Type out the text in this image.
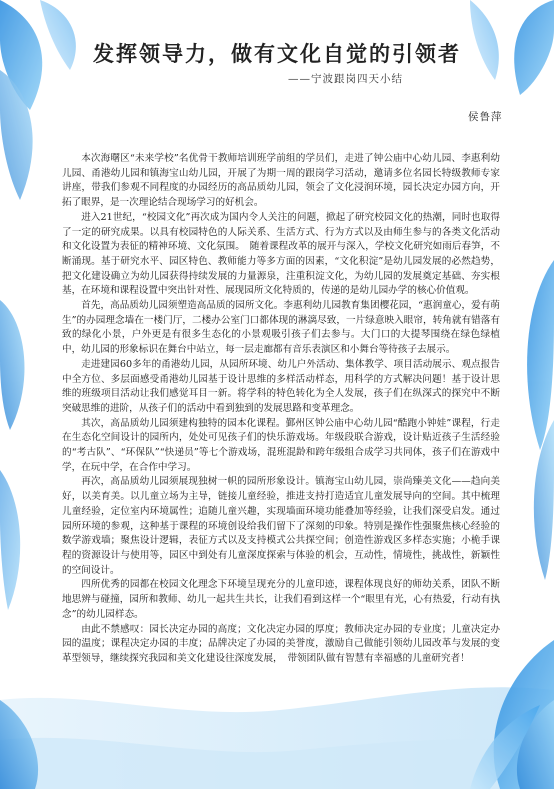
发挥领导力，做有文化自觉的引领者
——宁波跟岗四天小结
侯鲁萍

本次海曙区“未来学校”名优骨干教师培训班学前组的学员们，走进了钟公庙中心幼儿园、李惠利幼儿园、甬港幼儿园和镇海宝山幼儿园，开展了为期一周的跟岗学习活动，邀请多位名园长特级教师专家讲座，带我们参观不同程度的办园经历的高品质幼儿园，领会了文化浸润环境，园长决定办园方向，开拓了眼界，是一次理论结合现场学习的好机会。

进入21世纪，“校园文化”再次成为国内令人关注的问题，掀起了研究校园文化的热潮，同时也取得了一定的研究成果。以具有校园特色的人际关系、生活方式、行为方式以及由师生参与的各类文化活动和文化设置为表征的精神环境、文化氛围。　随着课程改革的展开与深入，学校文化研究如雨后春笋，不断涌现。基于研究水平、园区特色、教师能力等多方面的因素，“文化积淀”是幼儿园发展的必然趋势，把文化建设确立为幼儿园获得持续发展的力量源泉，注重积淀文化，为幼儿园的发展奠定基础、夯实根基，在环境和课程设置中突出针对性、展现园所文化特质的，传递的是幼儿园办学的核心价值观。

首先，高品质幼儿园须塑造高品质的园所文化。李惠利幼儿园教育集团樱花园，“惠润童心，爱有萌生”的办园理念墙在一楼门厅，二楼办公室门口都体现的淋漓尽致，一片绿意映入眼帘，转角就有错落有致的绿化小景，户外更是有很多生态化的小景观吸引孩子们去参与。大门口的大提琴围绕在绿色绿植中，幼儿园的形象标识在舞台中站立，每一层走廊都有音乐表演区和小舞台等待孩子去展示。

走进建园60多年的甬港幼儿园，从园所环境、幼儿户外活动、集体教学、项目活动展示、观点报告中全方位、多层面感受甬港幼儿园基于设计思维的多样活动样态，用科学的方式解决问题！基于设计思维的班级项目活动让我们感觉耳目一新。将学科的特色转化为全人发展，孩子们在纵深式的探究中不断突破思维的进阶，从孩子们的活动中看到独到的发展思路和变革理念。

其次，高品质幼儿园须建构独特的园本化课程。鄞州区钟公庙中心幼儿园“酷跑小钟娃”课程，行走在生态化空间设计的园所内，处处可见孩子们的快乐游戏场。年级段联合游戏，设计贴近孩子生活经验的“考古队”、“环保队”“快递员”等七个游戏场，混班混龄和跨年级组合成学习共同体，孩子们在游戏中学，在玩中学，在合作中学习。

再次，高品质幼儿园须展现独树一帜的园所形象设计。镇海宝山幼儿园，崇尚臻美文化——趋向美好，以美育美。以儿童立场为主导，链接儿童经验，推进支持打造适宜儿童发展导向的空间。其中梳理儿童经验，定位室内环境属性；追随儿童兴趣，实现墙面环境功能叠加等经验，让我们深受启发。通过园所环境的参观，这种基于课程的环境创设给我们留下了深刻的印象。特别是操作性强聚焦核心经验的数学游戏墙；聚焦设计逻辑，表征方式以及支持模式公共探空间；创造性游戏区多样态实施；小桅手课程的资源设计与使用等，园区中到处有儿童深度探索与体验的机会，互动性，情境性，挑战性，新颖性的空间设计。

四所优秀的园都在校园文化理念下环境呈现充分的儿童印迹，课程体现良好的师幼关系，团队不断地思辨与碰撞，园所和教师、幼儿一起共生共长，让我们看到这样一个“眼里有光，心有热爱，行动有执念”的幼儿园样态。

由此不禁感叹：园长决定办园的高度；文化决定办园的厚度；教师决定办园的专业度；儿童决定办园的温度；课程决定办园的丰度；品牌决定了办园的美誉度，激励自己做能引领幼儿园改革与发展的变革型领导，继续探究我园和美文化建设往深度发展，　带领团队做有智慧有幸福感的儿童研究者！
